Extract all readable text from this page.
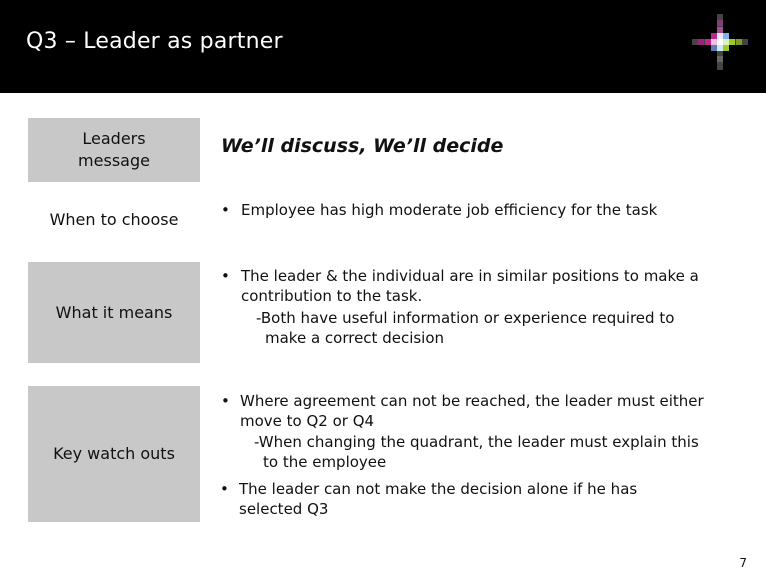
Q3 – Leader as partner
Leaders
message
We’ll discuss, We’ll decide
When to choose	• Employee has high moderate job efficiency for the task
What it means
• The leader & the individual are in similar positions to make a
contribution to the task.
-Both have useful information or experience required to
make a correct decision
Key watch outs
• Where agreement can not be reached, the leader must either
move to Q2 or Q4
-When changing the quadrant, the leader must explain this
to the employee
• The leader can not make the decision alone if he has
selected Q3
7
